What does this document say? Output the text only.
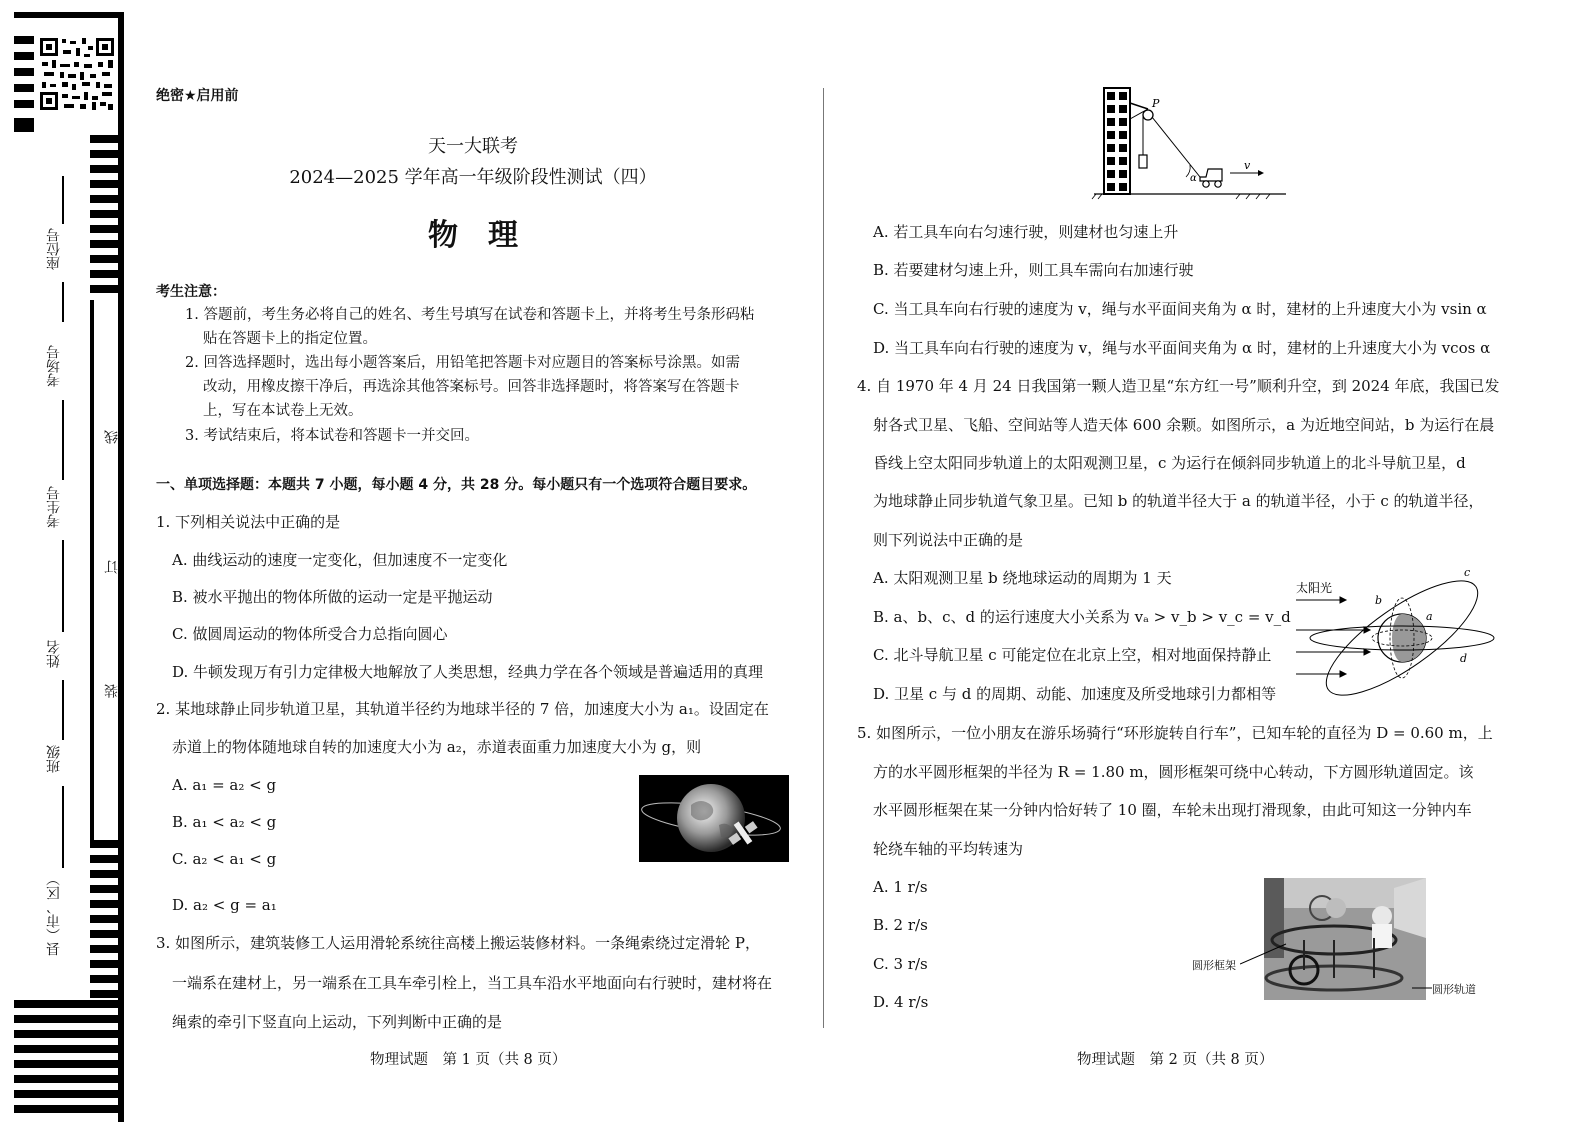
座位号
考场号
考生号
姓名
班级
县（市、区）
线
订
装
绝密★启用前
天一大联考
2024—2025 学年高一年级阶段性测试（四）
物　理
考生注意：
1. 答题前，考生务必将自己的姓名、考生号填写在试卷和答题卡上，并将考生号条形码粘
贴在答题卡上的指定位置。
2. 回答选择题时，选出每小题答案后，用铅笔把答题卡对应题目的答案标号涂黑。如需
改动，用橡皮擦干净后，再选涂其他答案标号。回答非选择题时，将答案写在答题卡
上，写在本试卷上无效。
3. 考试结束后，将本试卷和答题卡一并交回。
一、单项选择题：本题共 7 小题，每小题 4 分，共 28 分。每小题只有一个选项符合题目要求。
1. 下列相关说法中正确的是
A. 曲线运动的速度一定变化，但加速度不一定变化
B. 被水平抛出的物体所做的运动一定是平抛运动
C. 做圆周运动的物体所受合力总指向圆心
D. 牛顿发现万有引力定律极大地解放了人类思想，经典力学在各个领域是普遍适用的真理
2. 某地球静止同步轨道卫星，其轨道半径约为地球半径的 7 倍，加速度大小为 a₁。设固定在
赤道上的物体随地球自转的加速度大小为 a₂，赤道表面重力加速度大小为 g，则
A. a₁ = a₂ < g
B. a₁ < a₂ < g
C. a₂ < a₁ < g
D. a₂ < g = a₁
3. 如图所示，建筑装修工人运用滑轮系统往高楼上搬运装修材料。一条绳索绕过定滑轮 P，
一端系在建材上，另一端系在工具车牵引栓上，当工具车沿水平地面向右行驶时，建材将在
绳索的牵引下竖直向上运动，下列判断中正确的是
物理试题　第 1 页（共 8 页）
P
v
α
A. 若工具车向右匀速行驶，则建材也匀速上升
B. 若要建材匀速上升，则工具车需向右加速行驶
C. 当工具车向右行驶的速度为 v，绳与水平面间夹角为 α 时，建材的上升速度大小为 vsin α
D. 当工具车向右行驶的速度为 v，绳与水平面间夹角为 α 时，建材的上升速度大小为 vcos α
4. 自 1970 年 4 月 24 日我国第一颗人造卫星“东方红一号”顺利升空，到 2024 年底，我国已发
射各式卫星、飞船、空间站等人造天体 600 余颗。如图所示，a 为近地空间站，b 为运行在晨
昏线上空太阳同步轨道上的太阳观测卫星，c 为运行在倾斜同步轨道上的北斗导航卫星，d
为地球静止同步轨道气象卫星。已知 b 的轨道半径大于 a 的轨道半径，小于 c 的轨道半径，
则下列说法中正确的是
A. 太阳观测卫星 b 绕地球运动的周期为 1 天
B. a、b、c、d 的运行速度大小关系为 vₐ > v_b > v_c = v_d
C. 北斗导航卫星 c 可能定位在北京上空，相对地面保持静止
D. 卫星 c 与 d 的周期、动能、加速度及所受地球引力都相等
太阳光
b
a
c
d
5. 如图所示，一位小朋友在游乐场骑行“环形旋转自行车”，已知车轮的直径为 D = 0.60 m，上
方的水平圆形框架的半径为 R = 1.80 m，圆形框架可绕中心转动，下方圆形轨道固定。该
水平圆形框架在某一分钟内恰好转了 10 圈，车轮未出现打滑现象，由此可知这一分钟内车
轮绕车轴的平均转速为
A. 1 r/s
B. 2 r/s
C. 3 r/s
D. 4 r/s
圆形框架
圆形轨道
物理试题　第 2 页（共 8 页）
